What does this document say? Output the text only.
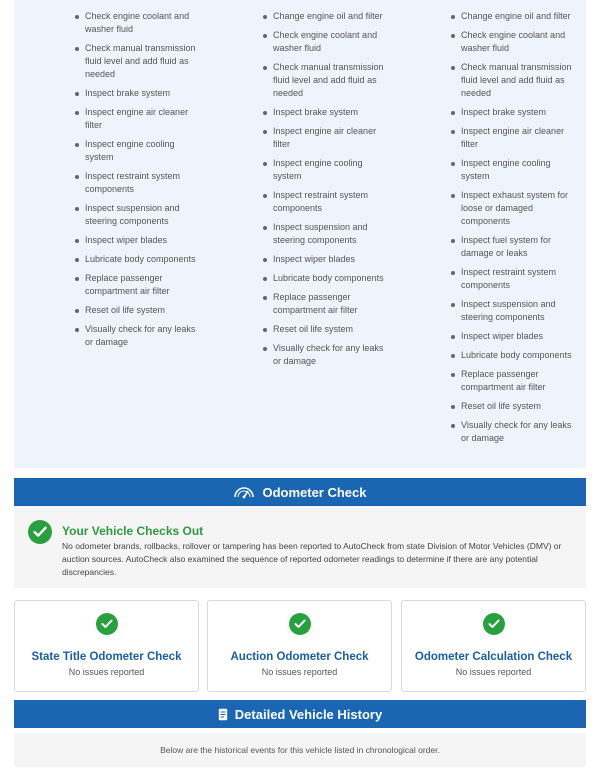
Check engine coolant and washer fluid
Check manual transmission fluid level and add fluid as needed
Inspect brake system
Inspect engine air cleaner filter
Inspect engine cooling system
Inspect restraint system components
Inspect suspension and steering components
Inspect wiper blades
Lubricate body components
Replace passenger compartment air filter
Reset oil life system
Visually check for any leaks or damage
Change engine oil and filter
Check engine coolant and washer fluid
Check manual transmission fluid level and add fluid as needed
Inspect brake system
Inspect engine air cleaner filter
Inspect engine cooling system
Inspect restraint system components
Inspect suspension and steering components
Inspect wiper blades
Lubricate body components
Replace passenger compartment air filter
Reset oil life system
Visually check for any leaks or damage
Change engine oil and filter
Check engine coolant and washer fluid
Check manual transmission fluid level and add fluid as needed
Inspect brake system
Inspect engine air cleaner filter
Inspect engine cooling system
Inspect exhaust system for loose or damaged components
Inspect fuel system for damage or leaks
Inspect restraint system components
Inspect suspension and steering components
Inspect wiper blades
Lubricate body components
Replace passenger compartment air filter
Reset oil life system
Visually check for any leaks or damage
Odometer Check
Your Vehicle Checks Out
No odometer brands, rollbacks, rollover or tampering has been reported to AutoCheck from state Division of Motor Vehicles (DMV) or auction sources. AutoCheck also examined the sequence of reported odometer readings to determine if there are any potential discrepancies.
State Title Odometer Check
No issues reported
Auction Odometer Check
No issues reported
Odometer Calculation Check
No issues reported
Detailed Vehicle History
Below are the historical events for this vehicle listed in chronological order.
